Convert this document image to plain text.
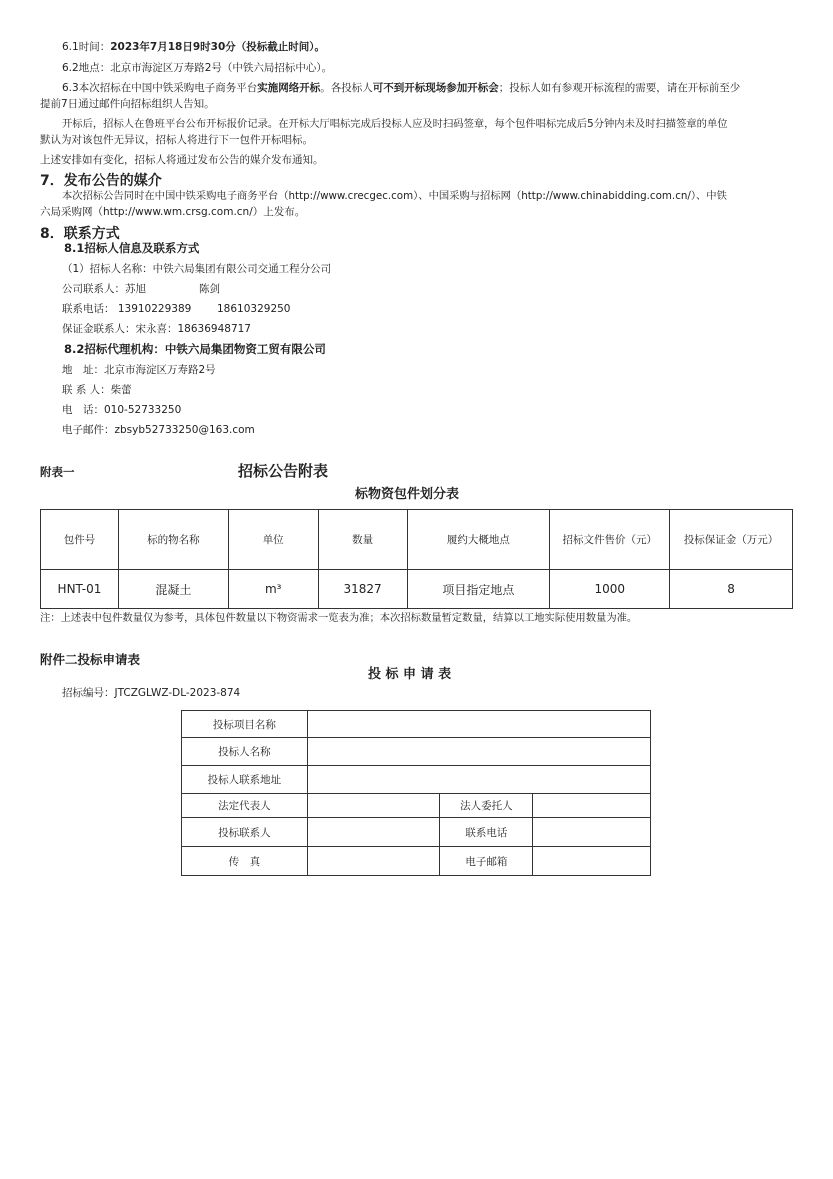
6.1时间：2023年7月18日9时30分（投标截止时间）。
6.2地点：北京市海淀区万寿路2号（中铁六局招标中心）。
6.3本次招标在中国中铁采购电子商务平台实施网络开标。各投标人可不到开标现场参加开标会；投标人如有参观开标流程的需要，请在开标前至少
提前7日通过邮件向招标组织人告知。
开标后，招标人在鲁班平台公布开标报价记录。在开标大厅唱标完成后投标人应及时扫码签章，每个包件唱标完成后5分钟内未及时扫描签章的单位
默认为对该包件无异议，招标人将进行下一包件开标唱标。
上述安排如有变化，招标人将通过发布公告的媒介发布通知。
7．发布公告的媒介
本次招标公告同时在中国中铁采购电子商务平台（http://www.crecgec.com）、中国采购与招标网（http://www.chinabidding.com.cn/）、中铁
六局采购网（http://www.wm.crsg.com.cn/）上发布。
8．联系方式
8.1招标人信息及联系方式
（1）招标人名称：中铁六局集团有限公司交通工程分公司
公司联系人：苏旭	陈剑
联系电话： 13910229389 18610329250
保证金联系人：宋永喜：18636948717
8.2招标代理机构：中铁六局集团物资工贸有限公司
地　址：北京市海淀区万寿路2号
联 系 人：柴蕾
电　话：010-52733250
电子邮件：zbsyb52733250@163.com
附表一	招标公告附表
标物资包件划分表
包件号	标的物名称	单位	数量	履约大概地点	招标文件售价（元）	投标保证金（万元）
HNT-01	混凝土	m³	31827	项目指定地点	1000	8
注：上述表中包件数量仅为参考，具体包件数量以下物资需求一览表为准；本次招标数量暂定数量，结算以工地实际使用数量为准。
附件二投标申请表
投 标 申 请 表
招标编号：JTCZGLWZ-DL-2023-874
投标项目名称			
投标人名称			
投标人联系地址			
法定代表人		法人委托人	
投标联系人		联系电话	
传　真		电子邮箱	
